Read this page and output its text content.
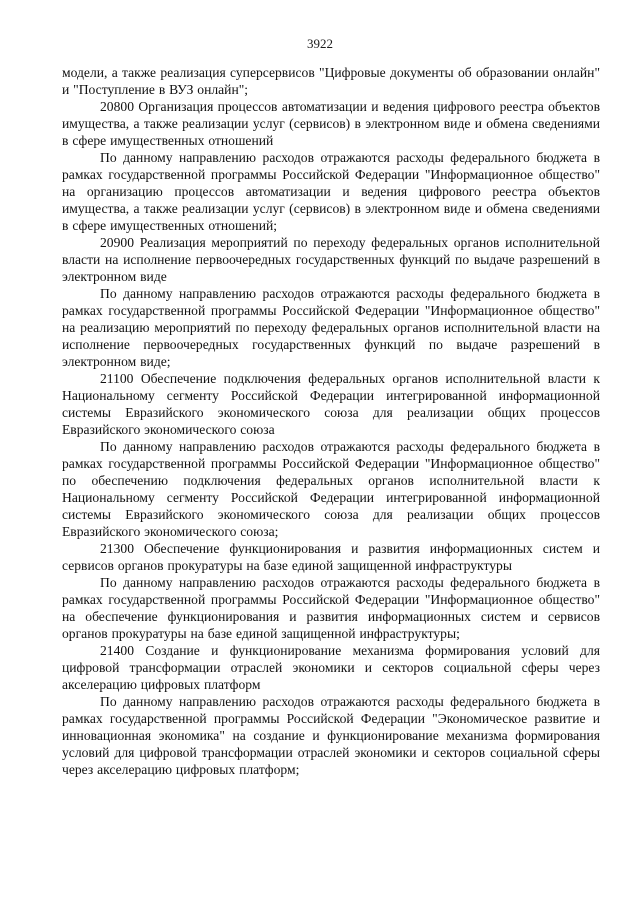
3922

модели, а также реализация суперсервисов "Цифровые документы об образовании онлайн" и "Поступление в ВУЗ онлайн";

20800 Организация процессов автоматизации и ведения цифрового реестра объектов имущества, а также реализации услуг (сервисов) в электронном виде и обмена сведениями в сфере имущественных отношений

По данному направлению расходов отражаются расходы федерального бюджета в рамках государственной программы Российской Федерации "Информационное общество" на организацию процессов автоматизации и ведения цифрового реестра объектов имущества, а также реализации услуг (сервисов) в электронном виде и обмена сведениями в сфере имущественных отношений;

20900 Реализация мероприятий по переходу федеральных органов исполнительной власти на исполнение первоочередных государственных функций по выдаче разрешений в электронном виде

По данному направлению расходов отражаются расходы федерального бюджета в рамках государственной программы Российской Федерации "Информационное общество" на реализацию мероприятий по переходу федеральных органов исполнительной власти на исполнение первоочередных государственных функций по выдаче разрешений в электронном виде;

21100 Обеспечение подключения федеральных органов исполнительной власти к Национальному сегменту Российской Федерации интегрированной информационной системы Евразийского экономического союза для реализации общих процессов Евразийского экономического союза

По данному направлению расходов отражаются расходы федерального бюджета в рамках государственной программы Российской Федерации "Информационное общество" по обеспечению подключения федеральных органов исполнительной власти к Национальному сегменту Российской Федерации интегрированной информационной системы Евразийского экономического союза для реализации общих процессов Евразийского экономического союза;

21300 Обеспечение функционирования и развития информационных систем и сервисов органов прокуратуры на базе единой защищенной инфраструктуры

По данному направлению расходов отражаются расходы федерального бюджета в рамках государственной программы Российской Федерации "Информационное общество" на обеспечение функционирования и развития информационных систем и сервисов органов прокуратуры на базе единой защищенной инфраструктуры;

21400 Создание и функционирование механизма формирования условий для цифровой трансформации отраслей экономики и секторов социальной сферы через акселерацию цифровых платформ

По данному направлению расходов отражаются расходы федерального бюджета в рамках государственной программы Российской Федерации "Экономическое развитие и инновационная экономика" на создание и функционирование механизма формирования условий для цифровой трансформации отраслей экономики и секторов социальной сферы через акселерацию цифровых платформ;
